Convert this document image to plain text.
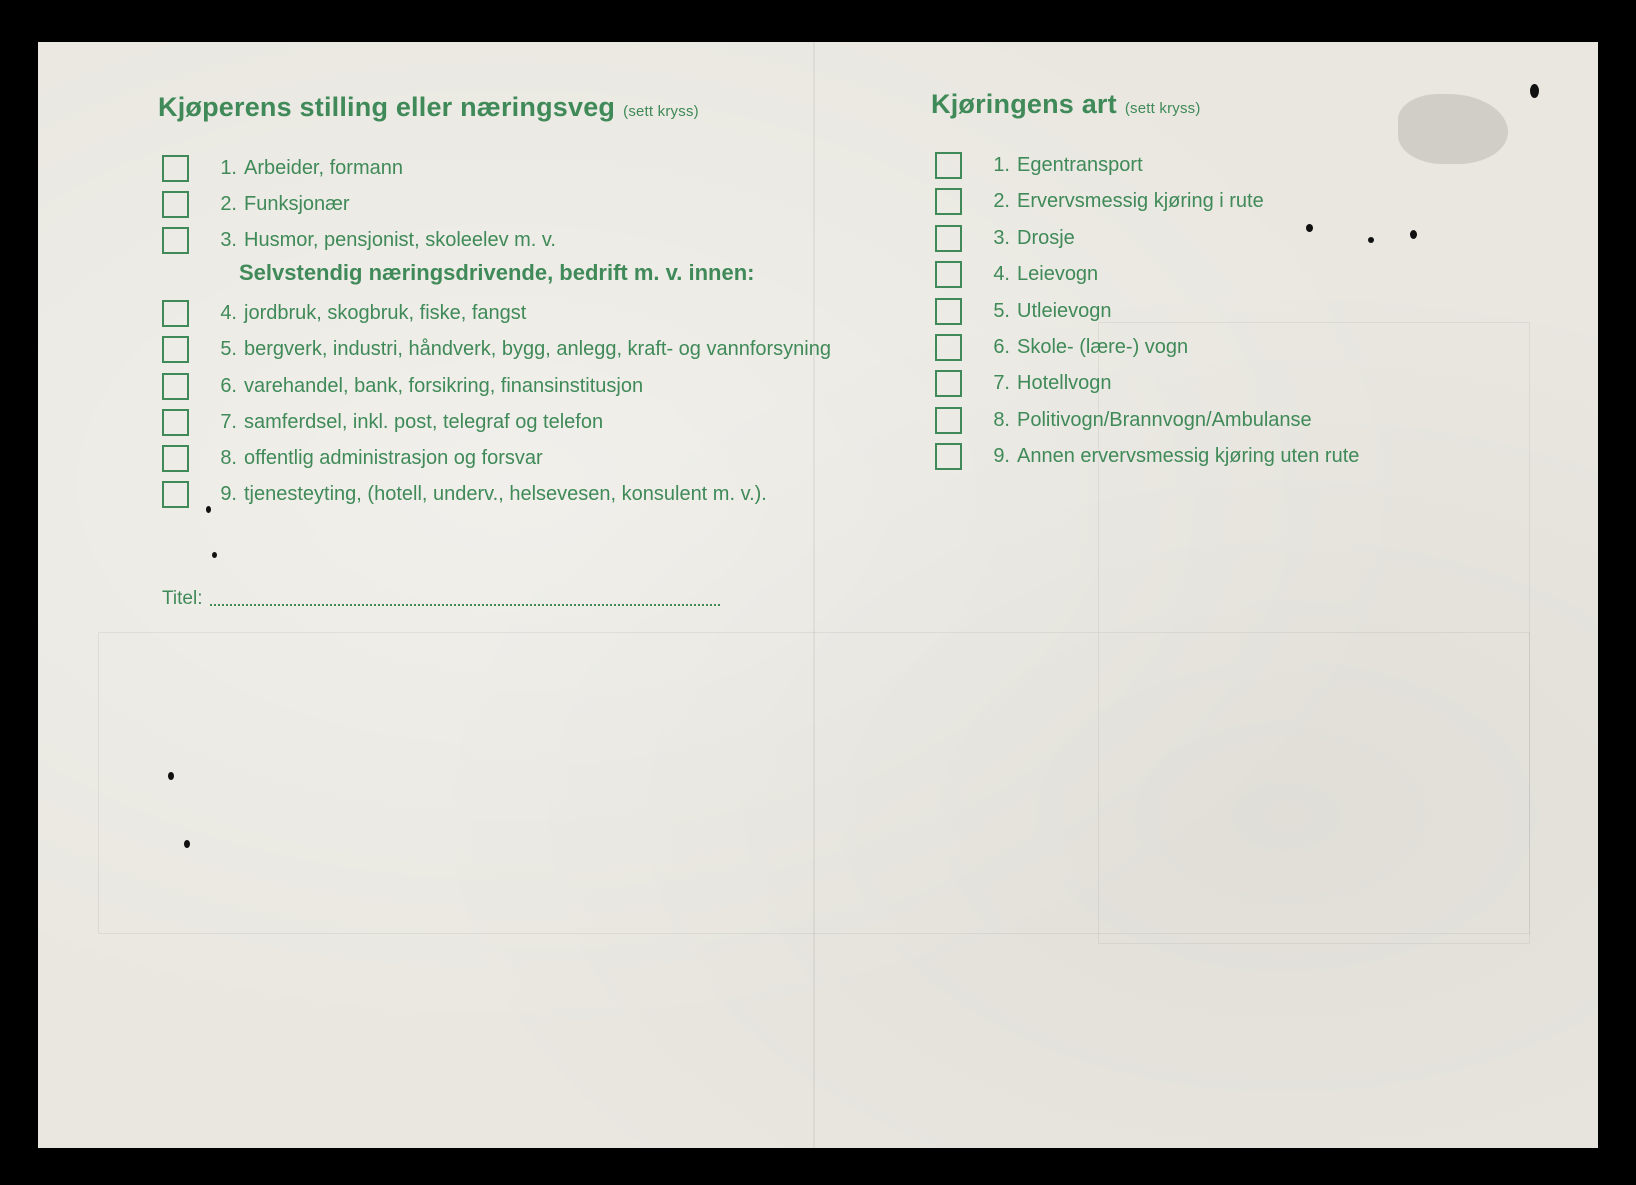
Kjøperens stilling eller næringsveg (sett kryss)
1. Arbeider, formann
2. Funksjonær
3. Husmor, pensjonist, skoleelev m. v.
Selvstendig næringsdrivende, bedrift m. v. innen:
4. jordbruk, skogbruk, fiske, fangst
5. bergverk, industri, håndverk, bygg, anlegg, kraft- og vannforsyning
6. varehandel, bank, forsikring, finansinstitusjon
7. samferdsel, inkl. post, telegraf og telefon
8. offentlig administrasjon og forsvar
9. tjenesteyting, (hotell, underv., helsevesen, konsulent m. v.).
Titel:
Kjøringens art (sett kryss)
1. Egentransport
2. Ervervsmessig kjøring i rute
3. Drosje
4. Leievogn
5. Utleievogn
6. Skole- (lære-) vogn
7. Hotellvogn
8. Politivogn/Brannvogn/Ambulanse
9. Annen ervervsmessig kjøring uten rute
